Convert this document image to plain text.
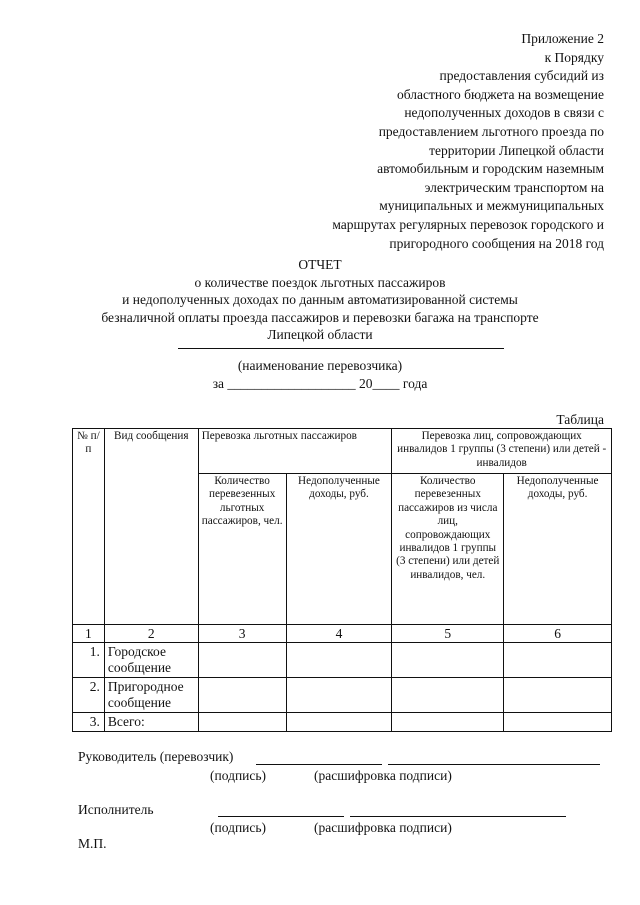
Приложение 2
к Порядку
предоставления субсидий из
областного бюджета на возмещение
недополученных доходов в связи с
предоставлением льготного проезда по
территории Липецкой области
автомобильным и городским наземным
электрическим транспортом на
муниципальных и межмуниципальных
маршрутах регулярных перевозок городского и
пригородного сообщения на 2018 год
ОТЧЕТ
о количестве поездок льготных пассажиров
и недополученных доходах по данным автоматизированной системы
безналичной оплаты проезда пассажиров и перевозки багажа на транспорте
Липецкой области
(наименование перевозчика)
за ___________________ 20____ года
Таблица
№ п/п	Вид сообщения	Перевозка льготных пассажиров		Перевозка лиц, сопровождающих инвалидов 1 группы (3 степени) или детей - инвалидов	
		Количество перевезенных льготных пассажиров, чел.	Недополученные доходы, руб.	Количество перевезенных пассажиров из числа лиц, сопровождающих инвалидов 1 группы (3 степени) или детей инвалидов, чел.	Недополученные доходы, руб.
1	2	3	4	5	6
1.	Городское сообщение				
2.	Пригородное сообщение				
3.	Всего:				
Руководитель (перевозчик)
(подпись)	(расшифровка подписи)
Исполнитель
(подпись)	(расшифровка подписи)
М.П.
